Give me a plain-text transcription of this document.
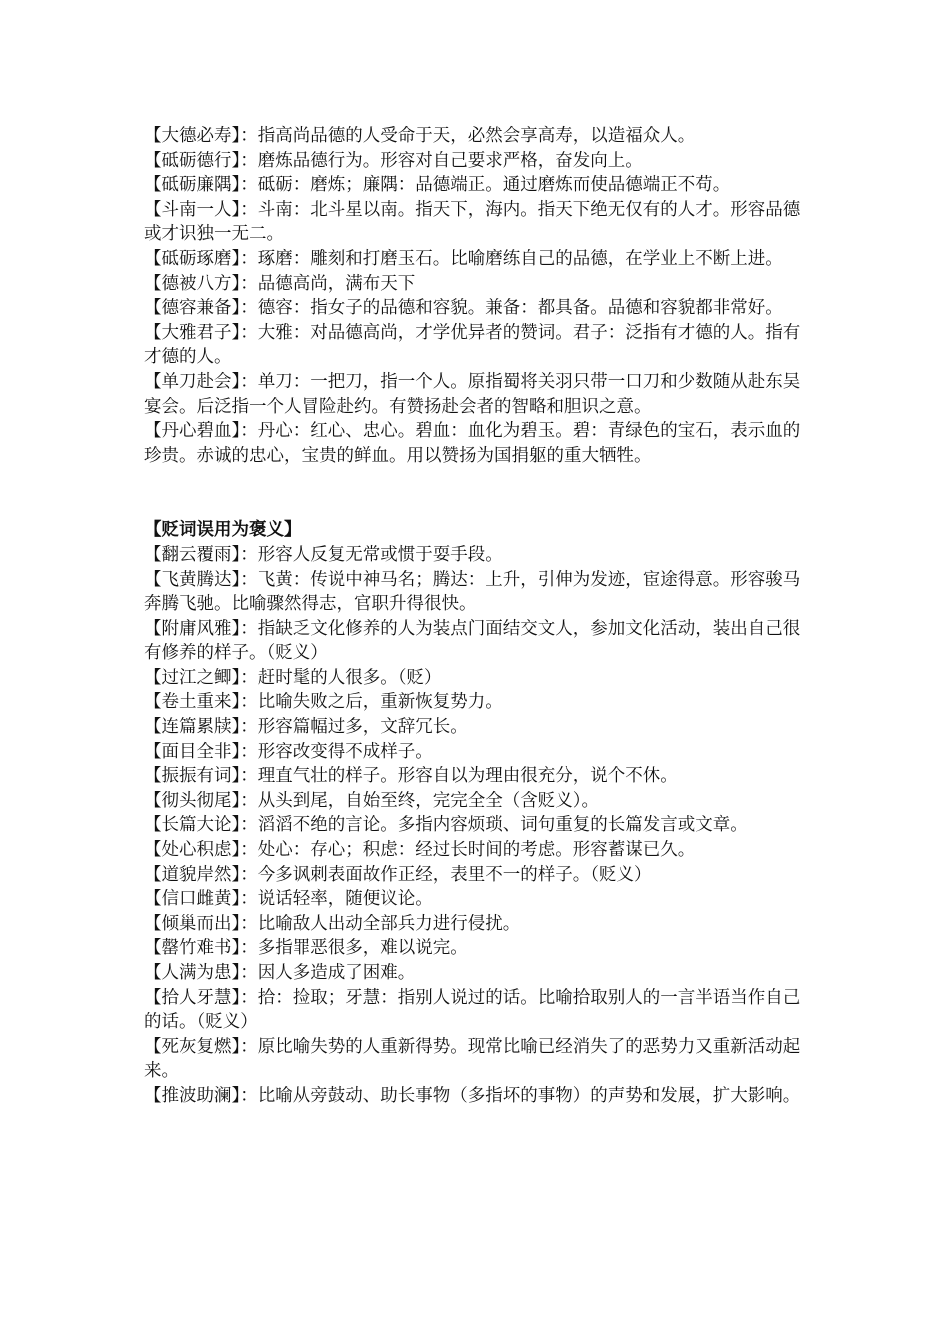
【大德必寿】：指高尚品德的人受命于天，必然会享高寿，以造福众人。

【砥砺德行】：磨炼品德行为。形容对自己要求严格，奋发向上。

【砥砺廉隅】：砥砺：磨炼；廉隅：品德端正。通过磨炼而使品德端正不苟。

【斗南一人】：斗南：北斗星以南。指天下，海内。指天下绝无仅有的人才。形容品德或才识独一无二。

【砥砺琢磨】：琢磨：雕刻和打磨玉石。比喻磨练自己的品德，在学业上不断上进。

【德被八方】：品德高尚，满布天下

【德容兼备】：德容：指女子的品德和容貌。兼备：都具备。品德和容貌都非常好。

【大雅君子】：大雅：对品德高尚，才学优异者的赞词。君子：泛指有才德的人。指有才德的人。

【单刀赴会】：单刀：一把刀，指一个人。原指蜀将关羽只带一口刀和少数随从赴东吴宴会。后泛指一个人冒险赴约。有赞扬赴会者的智略和胆识之意。

【丹心碧血】：丹心：红心、忠心。碧血：血化为碧玉。碧：青绿色的宝石，表示血的珍贵。赤诚的忠心，宝贵的鲜血。用以赞扬为国捐躯的重大牺牲。

【贬词误用为褒义】

【翻云覆雨】：形容人反复无常或惯于耍手段。

【飞黄腾达】：飞黄：传说中神马名；腾达：上升，引伸为发迹，宦途得意。形容骏马奔腾飞驰。比喻骤然得志，官职升得很快。

【附庸风雅】：指缺乏文化修养的人为装点门面结交文人，参加文化活动，装出自己很有修养的样子。（贬义）

【过江之鲫】：赶时髦的人很多。（贬）

【卷土重来】：比喻失败之后，重新恢复势力。

【连篇累牍】：形容篇幅过多，文辞冗长。

【面目全非】：形容改变得不成样子。

【振振有词】：理直气壮的样子。形容自以为理由很充分，说个不休。

【彻头彻尾】：从头到尾，自始至终，完完全全（含贬义）。

【长篇大论】：滔滔不绝的言论。多指内容烦琐、词句重复的长篇发言或文章。

【处心积虑】：处心：存心；积虑：经过长时间的考虑。形容蓄谋已久。

【道貌岸然】：今多讽刺表面故作正经，表里不一的样子。（贬义）

【信口雌黄】：说话轻率，随便议论。

【倾巢而出】：比喻敌人出动全部兵力进行侵扰。

【罄竹难书】：多指罪恶很多，难以说完。

【人满为患】：因人多造成了困难。

【拾人牙慧】：拾：捡取；牙慧：指别人说过的话。比喻拾取别人的一言半语当作自己的话。（贬义）

【死灰复燃】：原比喻失势的人重新得势。现常比喻已经消失了的恶势力又重新活动起来。

【推波助澜】：比喻从旁鼓动、助长事物（多指坏的事物）的声势和发展，扩大影响。
